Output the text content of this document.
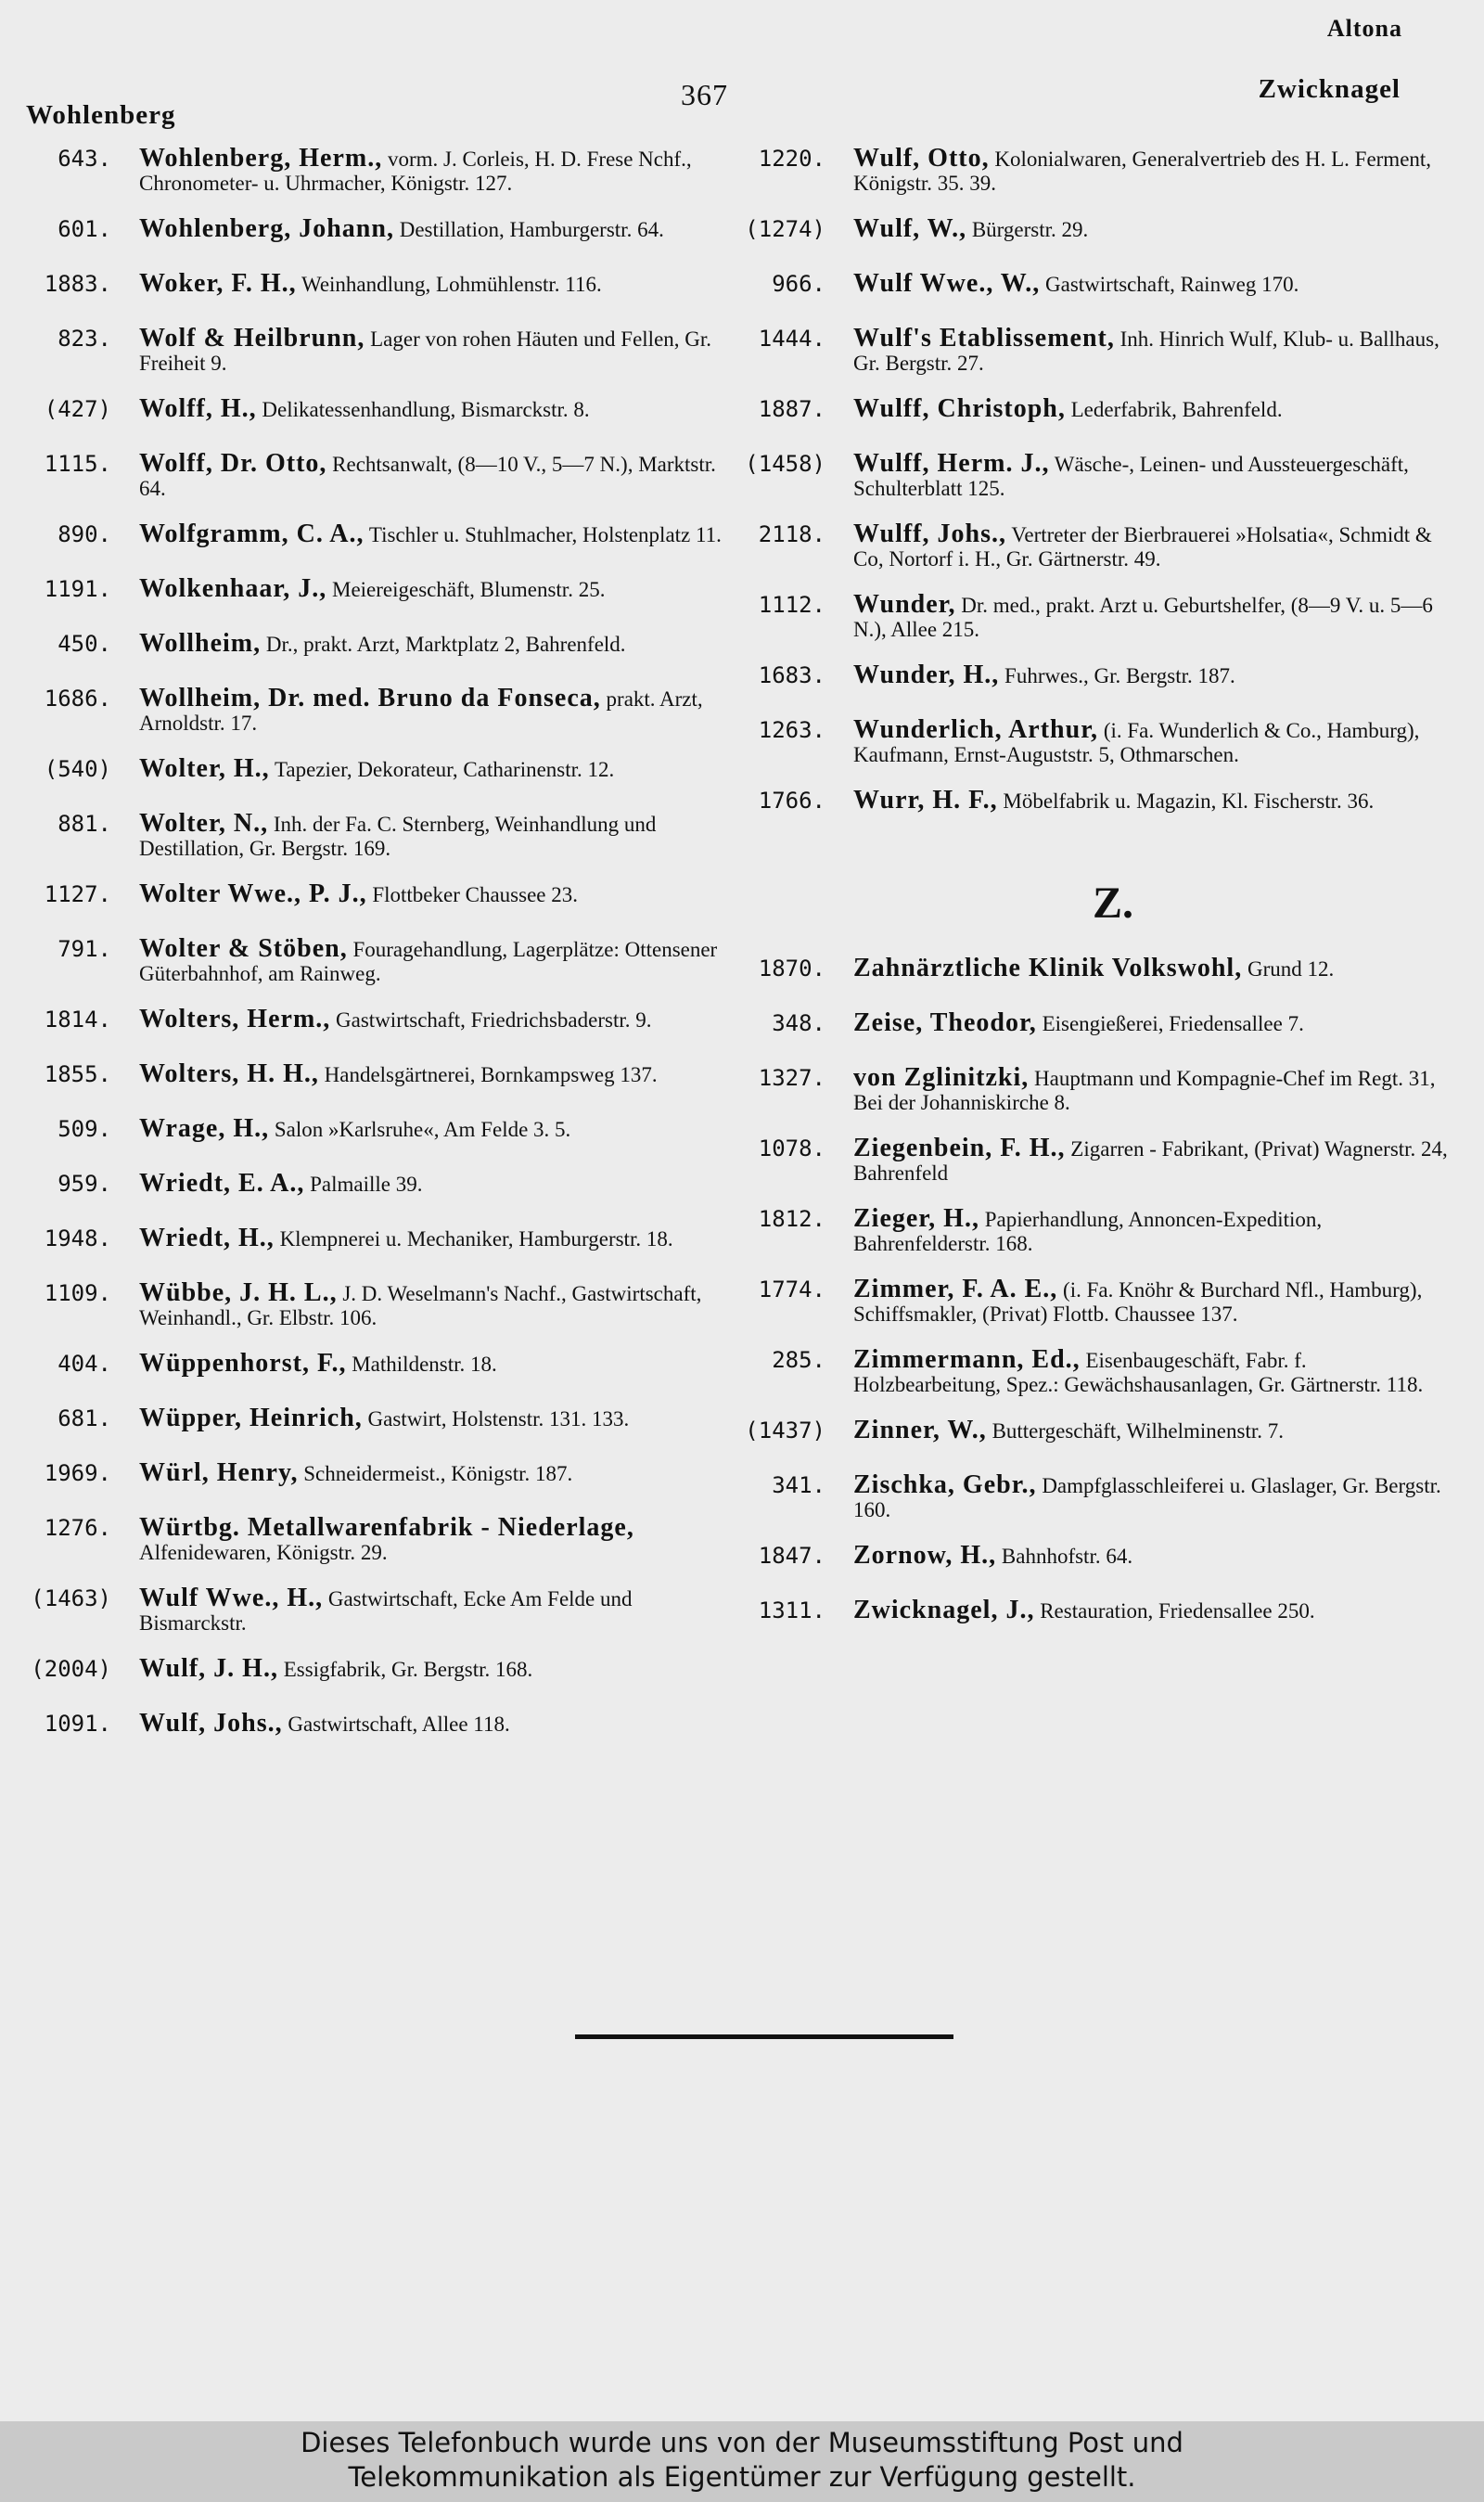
Altona
367
Wohlenberg
Zwicknagel
643. Wohlenberg, Herm., vorm. J. Corleis, H. D. Frese Nchf., Chronometer- u. Uhrmacher, Königstr. 127.
601. Wohlenberg, Johann, Destillation, Hamburgerstr. 64.
1883. Woker, F. H., Weinhandlung, Lohmühlenstr. 116.
823. Wolf & Heilbrunn, Lager von rohen Häuten und Fellen, Gr. Freiheit 9.
(427) Wolff, H., Delikatessenhandlung, Bismarckstr. 8.
1115. Wolff, Dr. Otto, Rechtsanwalt, (8—10 V., 5—7 N.), Marktstr. 64.
890. Wolfgramm, C. A., Tischler u. Stuhlmacher, Holstenplatz 11.
1191. Wolkenhaar, J., Meiereigeschäft, Blumenstr. 25.
450. Wollheim, Dr., prakt. Arzt, Marktplatz 2, Bahrenfeld.
1686. Wollheim, Dr. med. Bruno da Fonseca, prakt. Arzt, Arnoldstr. 17.
(540) Wolter, H., Tapezier, Dekorateur, Catharinenstr. 12.
881. Wolter, N., Inh. der Fa. C. Sternberg, Weinhandlung und Destillation, Gr. Bergstr. 169.
1127. Wolter Wwe., P. J., Flottbeker Chaussee 23.
791. Wolter & Stöben, Fouragehandlung, Lagerplätze: Ottensener Güterbahnhof, am Rainweg.
1814. Wolters, Herm., Gastwirtschaft, Friedrichsbaderstr. 9.
1855. Wolters, H. H., Handelsgärtnerei, Bornkampsweg 137.
509. Wrage, H., Salon »Karlsruhe«, Am Felde 3. 5.
959. Wriedt, E. A., Palmaille 39.
1948. Wriedt, H., Klempnerei u. Mechaniker, Hamburgerstr. 18.
1109. Wübbe, J. H. L., J. D. Weselmann's Nachf., Gastwirtschaft, Weinhandl., Gr. Elbstr. 106.
404. Wüppenhorst, F., Mathildenstr. 18.
681. Wüpper, Heinrich, Gastwirt, Holstenstr. 131. 133.
1969. Würl, Henry, Schneidermeist., Königstr. 187.
1276. Würtbg. Metallwarenfabrik - Niederlage, Alfenidewaren, Königstr. 29.
(1463) Wulf Wwe., H., Gastwirtschaft, Ecke Am Felde und Bismarckstr.
(2004) Wulf, J. H., Essigfabrik, Gr. Bergstr. 168.
1091. Wulf, Johs., Gastwirtschaft, Allee 118.
1220. Wulf, Otto, Kolonialwaren, Generalvertrieb des H. L. Ferment, Königstr. 35. 39.
(1274) Wulf, W., Bürgerstr. 29.
966. Wulf Wwe., W., Gastwirtschaft, Rainweg 170.
1444. Wulf's Etablissement, Inh. Hinrich Wulf, Klub- u. Ballhaus, Gr. Bergstr. 27.
1887. Wulff, Christoph, Lederfabrik, Bahrenfeld.
(1458) Wulff, Herm. J., Wäsche-, Leinen- und Aussteuergeschäft, Schulterblatt 125.
2118. Wulff, Johs., Vertreter der Bierbrauerei »Holsatia«, Schmidt & Co, Nortorf i. H., Gr. Gärtnerstr. 49.
1112. Wunder, Dr. med., prakt. Arzt u. Geburtshelfer, (8—9 V. u. 5—6 N.), Allee 215.
1683. Wunder, H., Fuhrwes., Gr. Bergstr. 187.
1263. Wunderlich, Arthur, (i. Fa. Wunderlich & Co., Hamburg), Kaufmann, Ernst-Auguststr. 5, Othmarschen.
1766. Wurr, H. F., Möbelfabrik u. Magazin, Kl. Fischerstr. 36.
Z.
1870. Zahnärztliche Klinik Volkswohl, Grund 12.
348. Zeise, Theodor, Eisengießerei, Friedensallee 7.
1327. von Zglinitzki, Hauptmann und Kompagnie-Chef im Regt. 31, Bei der Johanniskirche 8.
1078. Ziegenbein, F. H., Zigarren - Fabrikant, (Privat) Wagnerstr. 24, Bahrenfeld
1812. Zieger, H., Papierhandlung, Annoncen-Expedition, Bahrenfelderstr. 168.
1774. Zimmer, F. A. E., (i. Fa. Knöhr & Burchard Nfl., Hamburg), Schiffsmakler, (Privat) Flottb. Chaussee 137.
285. Zimmermann, Ed., Eisenbaugeschäft, Fabr. f. Holzbearbeitung, Spez.: Gewächshausanlagen, Gr. Gärtnerstr. 118.
(1437) Zinner, W., Buttergeschäft, Wilhelminenstr. 7.
341. Zischka, Gebr., Dampfglasschleiferei u. Glaslager, Gr. Bergstr. 160.
1847. Zornow, H., Bahnhofstr. 64.
1311. Zwicknagel, J., Restauration, Friedensallee 250.
Dieses Telefonbuch wurde uns von der Museumsstiftung Post und
Telekommunikation als Eigentümer zur Verfügung gestellt.
